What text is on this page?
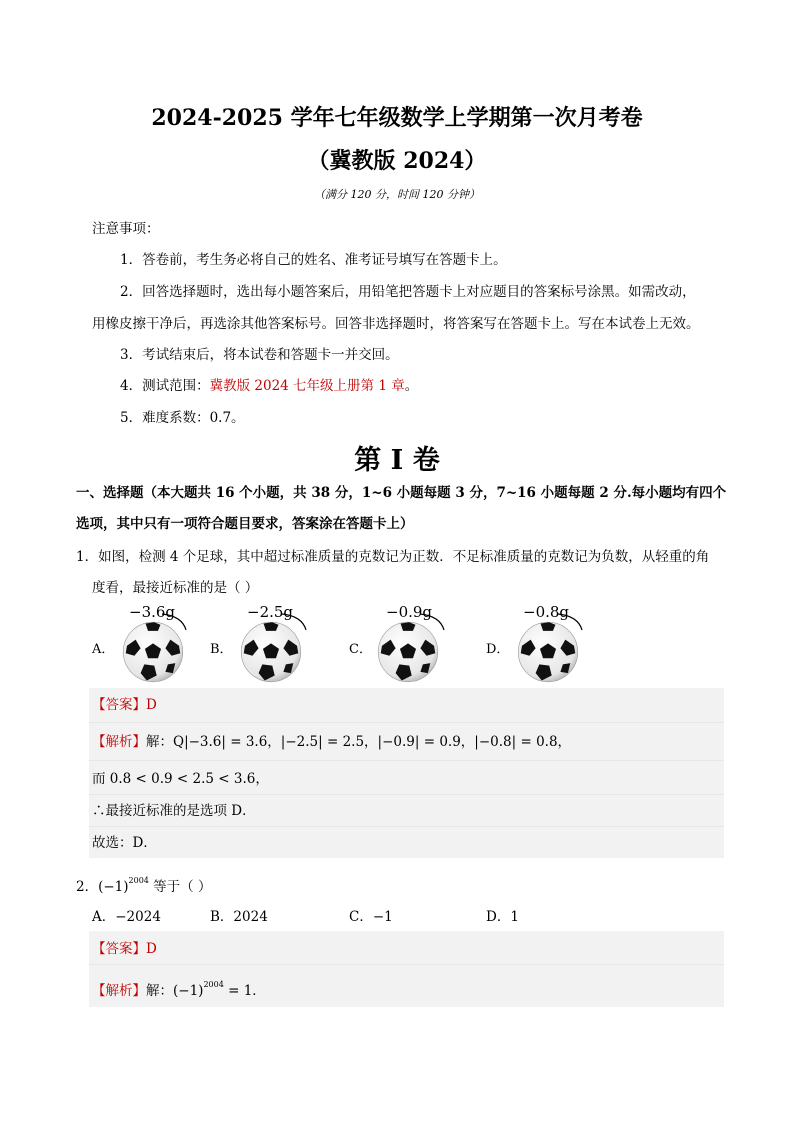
2024-2025 学年七年级数学上学期第一次月考卷
（冀教版 2024）
（满分 120 分，时间 120 分钟）
注意事项：
1．答卷前，考生务必将自己的姓名、准考证号填写在答题卡上。
2．回答选择题时，选出每小题答案后，用铅笔把答题卡上对应题目的答案标号涂黑。如需改动，
用橡皮擦干净后，再选涂其他答案标号。回答非选择题时，将答案写在答题卡上。写在本试卷上无效。
3．考试结束后，将本试卷和答题卡一并交回。
4．测试范围：冀教版 2024 七年级上册第 1 章。
5．难度系数：0.7。
第 I 卷
一、选择题（本大题共 16 个小题，共 38 分，1~6 小题每题 3 分，7~16 小题每题 2 分.每小题均有四个
选项，其中只有一项符合题目要求，答案涂在答题卡上）
1．如图，检测 4 个足球，其中超过标准质量的克数记为正数．不足标准质量的克数记为负数，从轻重的角
度看，最接近标准的是（ ）
A．
−3.6g
B．
−2.5g
C．
−0.9g
D．
−0.8g
【答案】D
【解析】解：Q|−3.6| = 3.6，|−2.5| = 2.5，|−0.9| = 0.9，|−0.8| = 0.8，
而 0.8 < 0.9 < 2.5 < 3.6，
∴最接近标准的是选项 D．
故选：D．
2．$(-1)^{2004}$ 等于（ ）
A．−2024	B．2024	C．−1	D．1
【答案】D
【解析】解：$(-1)^{2004} = 1$．
